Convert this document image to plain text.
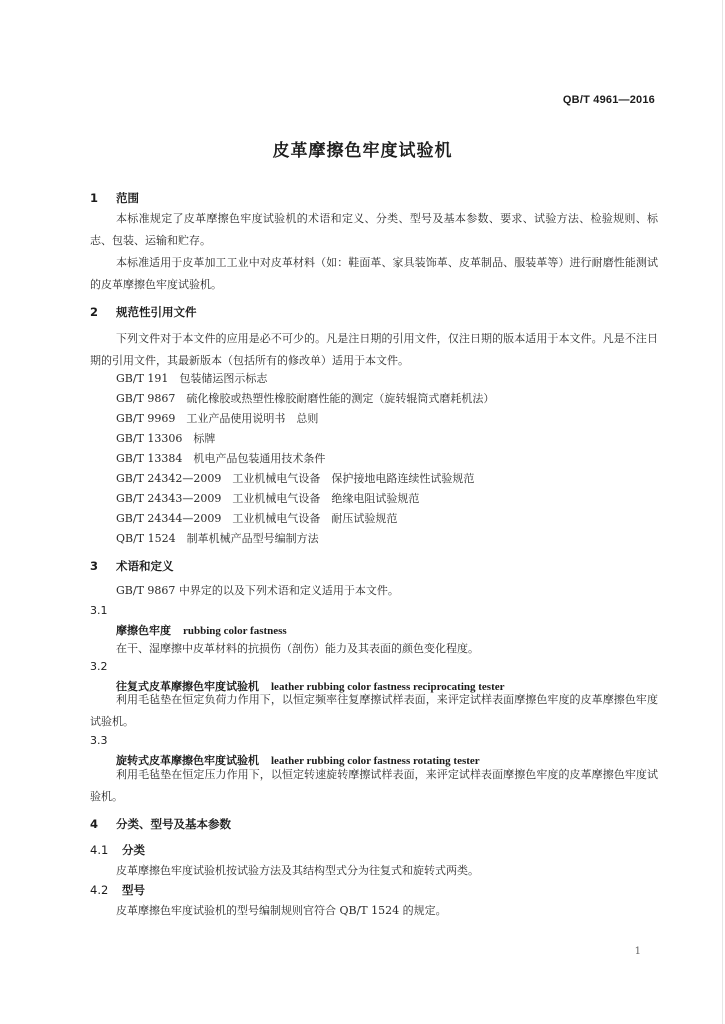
QB/T 4961—2016
皮革摩擦色牢度试验机
1 范围
本标准规定了皮革摩擦色牢度试验机的术语和定义、分类、型号及基本参数、要求、试验方法、检验规则、标志、包装、运输和贮存。
本标准适用于皮革加工工业中对皮革材料（如：鞋面革、家具装饰革、皮革制品、服装革等）进行耐磨性能测试的皮革摩擦色牢度试验机。
2 规范性引用文件
下列文件对于本文件的应用是必不可少的。凡是注日期的引用文件，仅注日期的版本适用于本文件。凡是不注日期的引用文件，其最新版本（包括所有的修改单）适用于本文件。
GB/T 191　包装储运图示标志
GB/T 9867　硫化橡胶或热塑性橡胶耐磨性能的测定（旋转辊筒式磨耗机法）
GB/T 9969　工业产品使用说明书　总则
GB/T 13306　标牌
GB/T 13384　机电产品包装通用技术条件
GB/T 24342—2009　工业机械电气设备　保护接地电路连续性试验规范
GB/T 24343—2009　工业机械电气设备　绝缘电阻试验规范
GB/T 24344—2009　工业机械电气设备　耐压试验规范
QB/T 1524　制革机械产品型号编制方法
3 术语和定义
GB/T 9867 中界定的以及下列术语和定义适用于本文件。
3.1
摩擦色牢度 rubbing color fastness
在干、湿摩擦中皮革材料的抗损伤（剖伤）能力及其表面的颜色变化程度。
3.2
往复式皮革摩擦色牢度试验机 leather rubbing color fastness reciprocating tester
利用毛毡垫在恒定负荷力作用下，以恒定频率往复摩擦试样表面，来评定试样表面摩擦色牢度的皮革摩擦色牢度试验机。
3.3
旋转式皮革摩擦色牢度试验机 leather rubbing color fastness rotating tester
利用毛毡垫在恒定压力作用下，以恒定转速旋转摩擦试样表面，来评定试样表面摩擦色牢度的皮革摩擦色牢度试验机。
4 分类、型号及基本参数
4.1 分类
皮革摩擦色牢度试验机按试验方法及其结构型式分为往复式和旋转式两类。
4.2 型号
皮革摩擦色牢度试验机的型号编制规则官符合 QB/T 1524 的规定。
1
